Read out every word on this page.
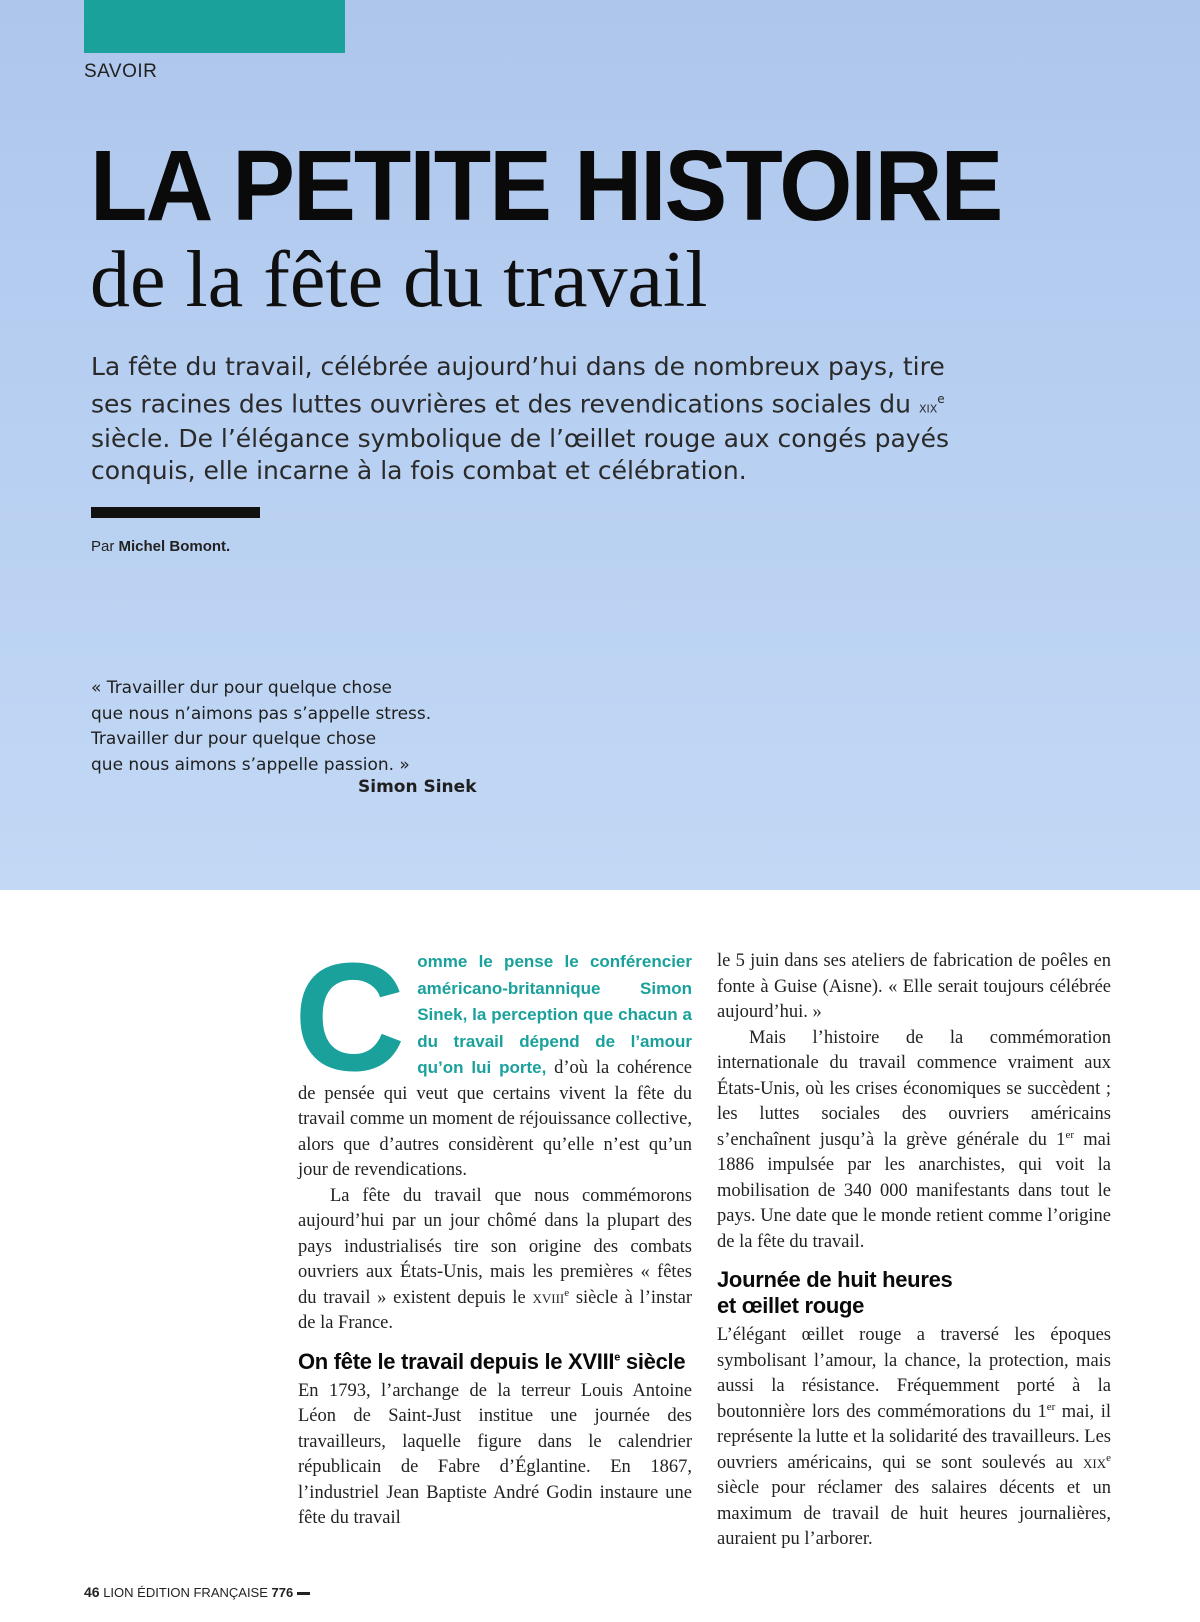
SAVOIR
LA PETITE HISTOIRE
de la fête du travail

La fête du travail, célébrée aujourd’hui dans de nombreux pays, tire ses racines des luttes ouvrières et des revendications sociales du xix$^e$ siècle. De l’élégance symbolique de l’œillet rouge aux congés payés conquis, elle incarne à la fois combat et célébration.

Par Michel Bomont.
« Travailler dur pour quelque chose
que nous n’aimons pas s’appelle stress.
Travailler dur pour quelque chose
que nous aimons s’appelle passion. »
Simon Sinek

Comme le pense le conférencier américano-britannique Simon Sinek, la perception que chacun a du travail dépend de l’amour qu’on lui porte, d’où la cohérence de pensée qui veut que certains vivent la fête du travail comme un moment de réjouissance collective, alors que d’autres considèrent qu’elle n’est qu’un jour de revendications.

La fête du travail que nous commémorons aujourd’hui par un jour chômé dans la plupart des pays industrialisés tire son origine des combats ouvriers aux États-Unis, mais les premières « fêtes du travail » existent depuis le xviii$^e$ siècle à l’instar de la France.

On fête le travail depuis le XVIIIe siècle

En 1793, l’archange de la terreur Louis Antoine Léon de Saint-Just institue une journée des travailleurs, laquelle figure dans le calendrier républicain de Fabre d’Églantine. En 1867, l’industriel Jean Baptiste André Godin instaure une fête du travail

le 5 juin dans ses ateliers de fabrication de poêles en fonte à Guise (Aisne). « Elle serait toujours célébrée aujourd’hui. »

Mais l’histoire de la commémoration internationale du travail commence vraiment aux États-Unis, où les crises économiques se succèdent ; les luttes sociales des ouvriers américains s’enchaînent jusqu’à la grève générale du 1er mai 1886 impulsée par les anarchistes, qui voit la mobilisation de 340 000 manifestants dans tout le pays. Une date que le monde retient comme l’origine de la fête du travail.

Journée de huit heures
et œillet rouge

L’élégant œillet rouge a traversé les époques symbolisant l’amour, la chance, la protection, mais aussi la résistance. Fréquemment porté à la boutonnière lors des commémorations du 1er mai, il représente la lutte et la solidarité des travailleurs. Les ouvriers américains, qui se sont soulevés au xix$^e$ siècle pour réclamer des salaires décents et un maximum de travail de huit heures journalières, auraient pu l’arborer.

46 LION ÉDITION FRANÇAISE 776
